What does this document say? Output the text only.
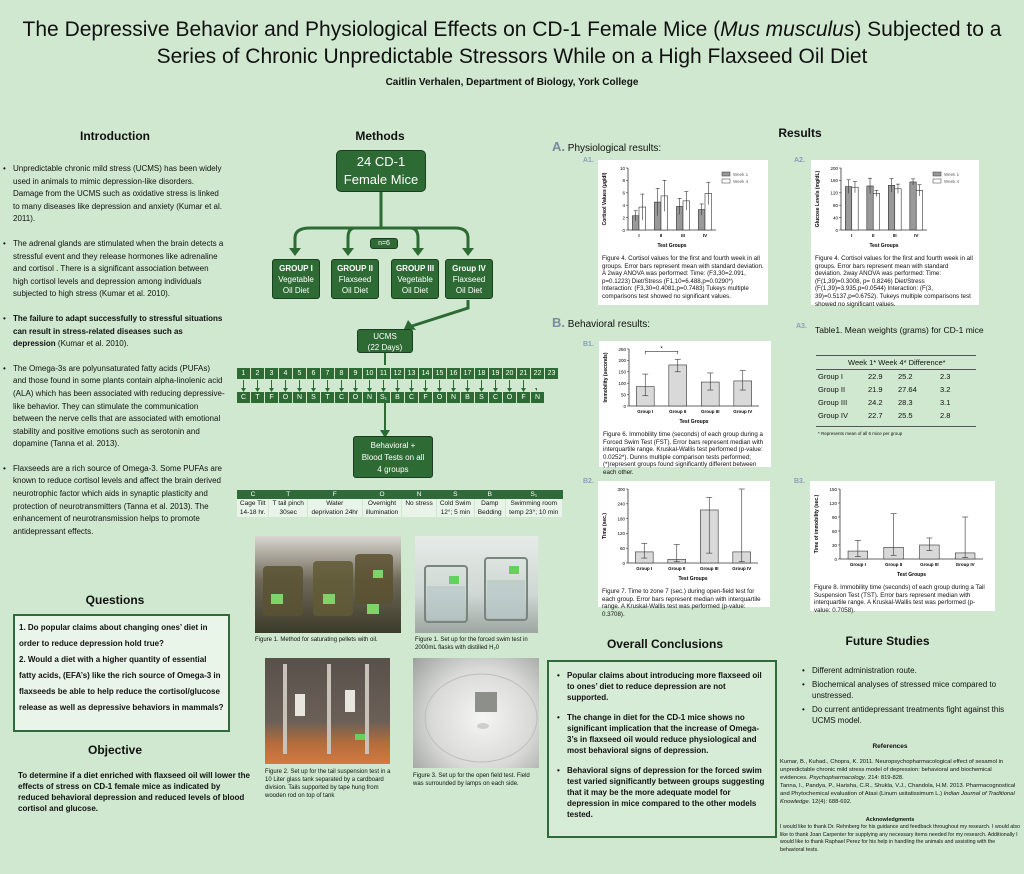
The Depressive Behavior and Physiological Effects on CD-1 Female Mice (Mus musculus) Subjected to a
Series of Chronic Unpredictable Stressors While on a High Flaxseed Oil Diet
Caitlin Verhalen, Department of Biology, York College
Introduction
• Unpredictable chronic mild stress (UCMS) has been widely used in animals to mimic depression-like disorders. Damage from the UCMS such as oxidative stress is linked to many diseases like depression and anxiety (Kumar et al. 2011).
• The adrenal glands are stimulated when the brain detects a stressful event and they release hormones like adrenaline and cortisol . There is a significant association between high cortisol levels and depression among individuals subjected to high stress (Kumar et al. 2010).
• The failure to adapt successfully to stressful situations can result in stress-related diseases such as depression (Kumar et al. 2010).
• The Omega-3s are polyunsaturated fatty acids (PUFAs) and those found in some plants contain alpha-linolenic acid (ALA) which has been associated with reducing depressive-like behavior. They can stimulate the communication between the nerve cells that are associated with emotional stability and positive emotions such as serotonin and dopamine (Tanna et al. 2013).
• Flaxseeds are a rich source of Omega-3. Some PUFAs are known to reduce cortisol levels and affect the brain derived neurotrophic factor which aids in synaptic plasticity and protection of neurotransmitters (Tanna et al. 2013). The enhancement of neurotransmission helps to promote antidepressant effects.
Questions
1. Do popular claims about changing ones’ diet in order to reduce depression hold true?
2. Would a diet with a higher quantity of essential fatty acids, (EFA’s) like the rich source of Omega-3 in flaxseeds be able to help reduce the cortisol/glucose release as well as depressive behaviors in mammals?
Objective
To determine if a diet enriched with flaxseed oil will lower the effects of stress on CD-1 female mice as indicated by reduced behavioral depression and reduced levels of blood cortisol and glucose.
Methods
24 CD-1
Female Mice
n=6
GROUP I
Vegetable
Oil Diet
GROUP II
Flaxseed
Oil Diet
GROUP III
Vegetable
Oil Diet
Group IV
Flaxseed
Oil Diet
UCMS
(22 Days)
1	2	3	4	5	6	7	8	9	10 11 12 13 14 15 16 17 18 19 20 21 22 23
C	T	F	O	N	S	T	C	O	N	S₁	B	C	F	O	N	B	S	C	O	F	N
Behavioral +
Blood Tests on all
4 groups
C	T	F	O	N	S	B	S₁
Cage Tilt	T tail pinch	Water	Overnight	No stress	Cold Swim	Damp	Swimming room
14-18 hr.	30sec	deprivation 24hr	illumination		12°; 5 min	Bedding	temp 23°; 10 min
Figure 1. Method for saturating pellets with oil.	Figure 1. Set up for the forced swim test in 2000mL flasks with distilled H₂0
Figure 2. Set up for the tail suspension test in a 10 Liter glass tank separated by a cardboard division. Tails supported by tape hung from wooden rod on top of tank
Figure 3. Set up for the open field test. Field was surrounded by lamps on each side.
Results
A. Physiological results:
B. Behavioral results:
A1.	A2.
A3.
B1.
B2.	B3.
0
2
4
6
8
10
Cortisol Values (μg/dl)
Test Groups
I	II	III	IV
Week 1
Week 4
Figure 4. Cortisol values for the first and fourth week in all groups. Error bars represent mean with standard deviation. A 2way ANOVA was performed: Time: (F3,30=2.091, p=0.1223) Diet/Stress (F1,10=6.488,p=0.0290*) Interaction: (F3,30=0.4081,p=0.7483) Tukeys multiple comparisons test showed no significant values.
0
40
80
120
160
200
Glucose Levels (mg/dL)
Test Groups
I	II	III	IV
Week 1
Week 4
Figure 4. Cortisol values for the first and fourth week in all groups. Error bars represent mean with standard deviation. 2way ANOVA was performed: Time: (F(1,39)=0.3008, p= 0.8246) Diet/Stress (F(1,39)=3.935,p=0.0544) Interaction: (F(3, 39)=0.5137,p=0.6752). Tukeys multiple comparisons test showed no significant values.
0
50
100
150
200
250
Immobility (seconds)
Test Groups
Group I	Group II	Group III	Group IV
*
Figure 6. Immobility time (seconds) of each group during a Forced Swim Test (FST). Error bars represent median with interquartile range. Kruskal-Wallis test performed (p-value: 0.0252*). Dunns multiple comparison tests performed; (*)represent groups found significantly different between each other.
0
60
120
180
240
300
Time (sec.)
Test Groups
Group I	Group II	Group III	Group IV
Figure 7. Time to zone 7 (sec.) during open-field test for each group. Error bars represent median with interquartile range. A Kruskal-Wallis test was performed (p-value: 0.3708).
0
30
60
90
120
150
Time of immobility (sec.)
Test Groups
Group I	Group II	Group III	Group IV
Figure 8. Immobility time (seconds) of each group during a Tail Suspension Test (TST). Error bars represent median with interquartile range. A Kruskal-Wallis test was performed (p-value: 0.7058).
Table1. Mean weights (grams) for CD-1 mice
Week 1* Week 4* Difference*
Group I	22.9	25.2	2.3
Group II	21.9	27.64	3.2
Group III	24.2	28.3	3.1
Group IV	22.7	25.5	2.8
* Represents mean of all 6 mice per group
Overall Conclusions
• Popular claims about introducing more flaxseed oil to ones’ diet to reduce depression are not supported.
• The change in diet for the CD-1 mice shows no significant implication that the increase of Omega-3’s in flaxseed oil would reduce physiological and most behavioral signs of depression.
• Behavioral signs of depression for the forced swim test varied significantly between groups suggesting that it may be the more adequate model for depression in mice compared to the other models tested.
Future Studies
• Different administration route.
• Biochemical analyses of stressed mice compared to unstressed.
• Do current antidepressant treatments fight against this UCMS model.
References
Kumar, B., Kuhad., Chopra, K. 2011. Neuropsychopharmacological effect of sesamol in unpredictable chronic mild stress model of depression: behavioral and biochemical evidences. Psychopharmacology. 214: 819-828.
Tanna, I., Pandya, P., Harisha, C.R., Shukla, V.J., Chandola, H.M. 2013. Pharmacognostical and Phytochemical evaluation of Atasi (Linum usitatissimum L.) Indian Journal of Traditional Knowledge. 12(4): 688-692.
Acknowledgments
I would like to thank Dr. Rehnberg for his guidance and feedback throughout my research. I would also like to thank Joan Carpenter for supplying any necessary items needed for my research. Additionally I would like to thank Raphael Perez for his help in handling the animals and assisting with the behavioral tests.
